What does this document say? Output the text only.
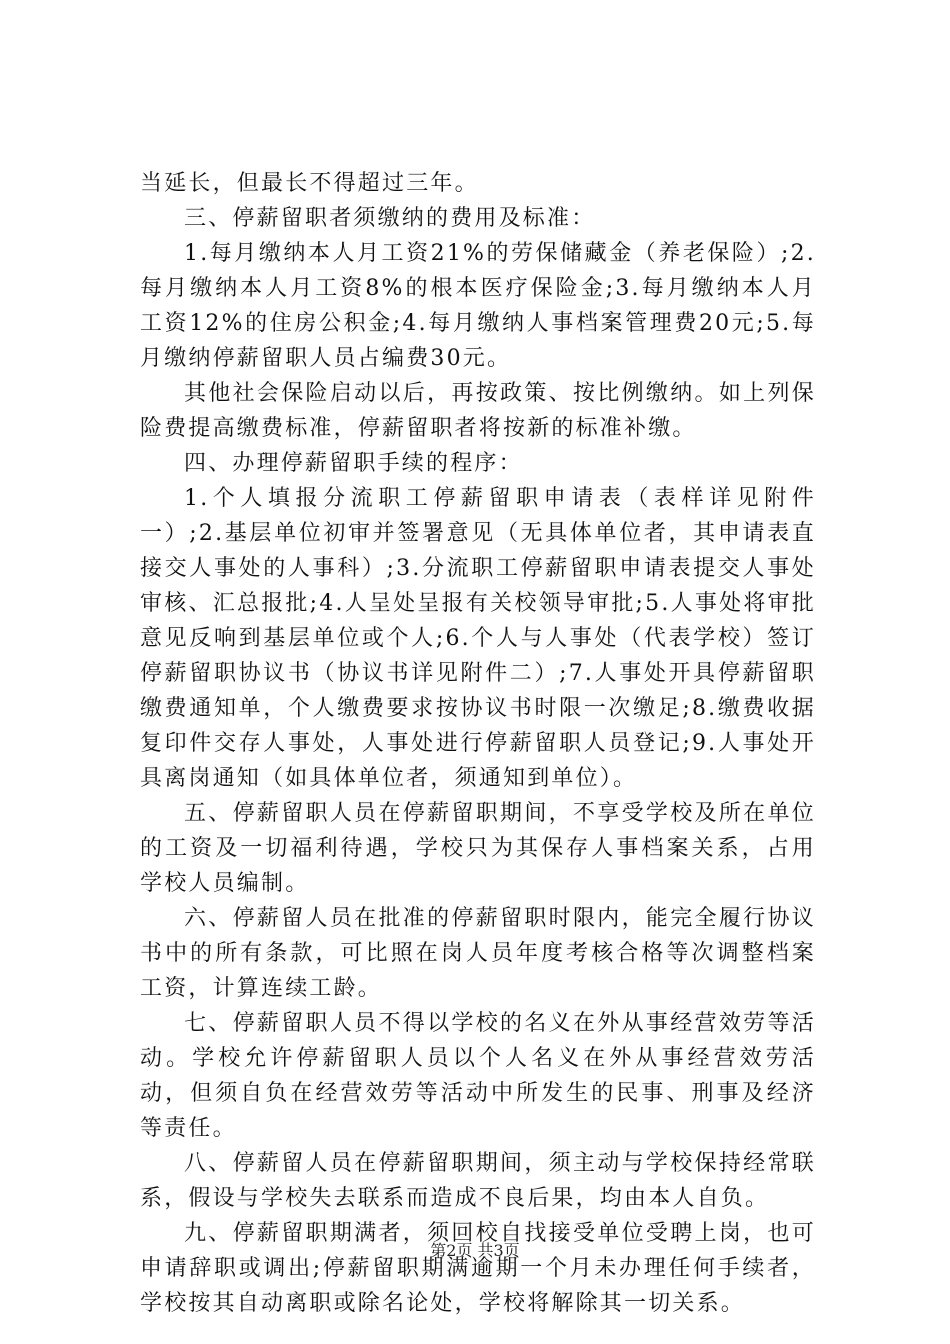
当延长，但最长不得超过三年。

三、停薪留职者须缴纳的费用及标准：

1.每月缴纳本人月工资21%的劳保储藏金（养老保险）;2.每月缴纳本人月工资8%的根本医疗保险金;3.每月缴纳本人月工资12%的住房公积金;4.每月缴纳人事档案管理费20元;5.每月缴纳停薪留职人员占编费30元。

其他社会保险启动以后，再按政策、按比例缴纳。如上列保险费提高缴费标准，停薪留职者将按新的标准补缴。

四、办理停薪留职手续的程序：

1.个人填报分流职工停薪留职申请表（表样详见附件一）;2.基层单位初审并签署意见（无具体单位者，其申请表直接交人事处的人事科）;3.分流职工停薪留职申请表提交人事处审核、汇总报批;4.人呈处呈报有关校领导审批;5.人事处将审批意见反响到基层单位或个人;6.个人与人事处（代表学校）签订停薪留职协议书（协议书详见附件二）;7.人事处开具停薪留职缴费通知单，个人缴费要求按协议书时限一次缴足;8.缴费收据复印件交存人事处，人事处进行停薪留职人员登记;9.人事处开具离岗通知（如具体单位者，须通知到单位）。

五、停薪留职人员在停薪留职期间，不享受学校及所在单位的工资及一切福利待遇，学校只为其保存人事档案关系，占用学校人员编制。

六、停薪留人员在批准的停薪留职时限内，能完全履行协议书中的所有条款，可比照在岗人员年度考核合格等次调整档案工资，计算连续工龄。

七、停薪留职人员不得以学校的名义在外从事经营效劳等活动。学校允许停薪留职人员以个人名义在外从事经营效劳活动，但须自负在经营效劳等活动中所发生的民事、刑事及经济等责任。

八、停薪留人员在停薪留职期间，须主动与学校保持经常联系，假设与学校失去联系而造成不良后果，均由本人自负。

九、停薪留职期满者，须回校自找接受单位受聘上岗，也可申请辞职或调出;停薪留职期满逾期一个月未办理任何手续者，学校按其自动离职或除名论处，学校将解除其一切关系。

第2页 共3页
